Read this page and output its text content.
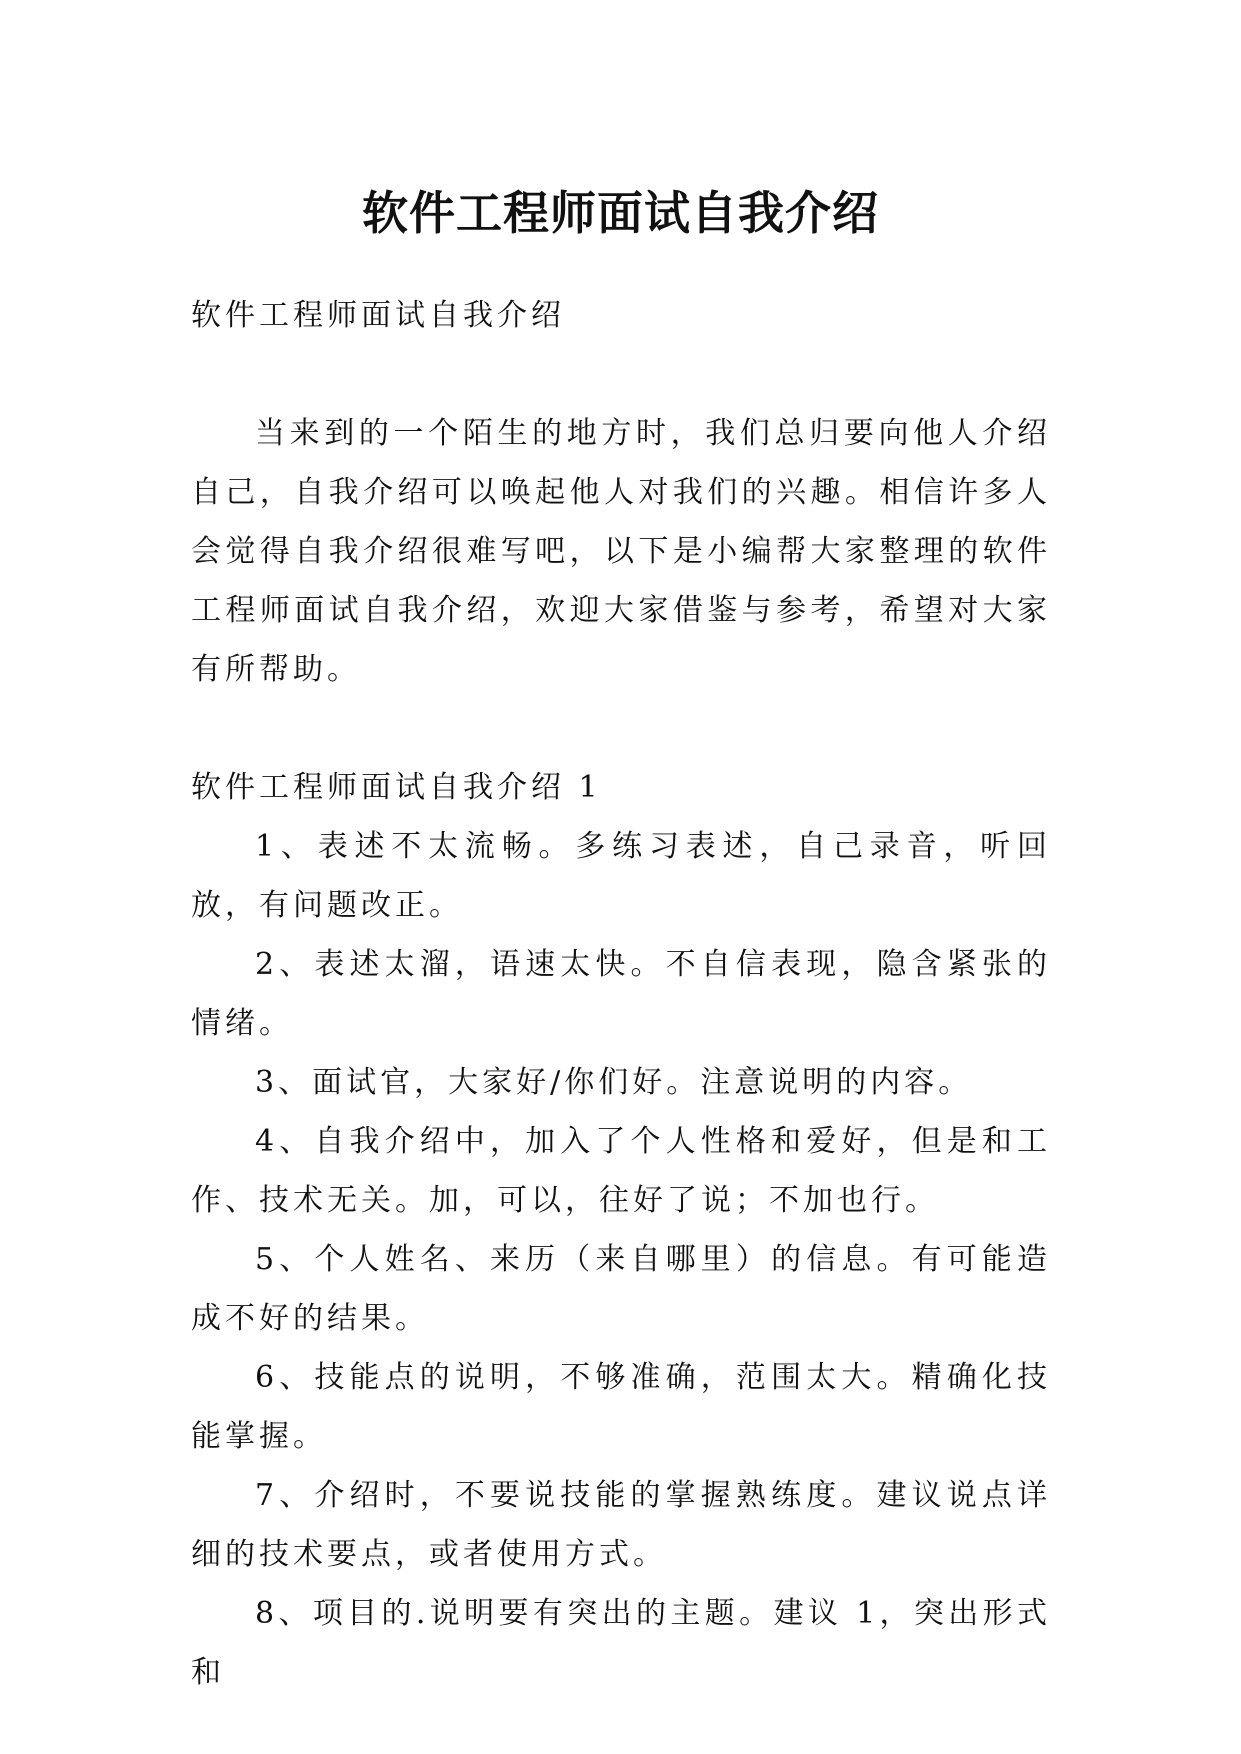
软件工程师面试自我介绍

软件工程师面试自我介绍

当来到的一个陌生的地方时，我们总归要向他人介绍自己，自我介绍可以唤起他人对我们的兴趣。相信许多人会觉得自我介绍很难写吧，以下是小编帮大家整理的软件工程师面试自我介绍，欢迎大家借鉴与参考，希望对大家有所帮助。

软件工程师面试自我介绍 1

1、表述不太流畅。多练习表述，自己录音，听回放，有问题改正。

2、表述太溜，语速太快。不自信表现，隐含紧张的情绪。

3、面试官，大家好/你们好。注意说明的内容。

4、自我介绍中，加入了个人性格和爱好，但是和工作、技术无关。加，可以，往好了说；不加也行。

5、个人姓名、来历（来自哪里）的信息。有可能造成不好的结果。

6、技能点的说明，不够准确，范围太大。精确化技能掌握。

7、介绍时，不要说技能的掌握熟练度。建议说点详细的技术要点，或者使用方式。

8、项目的.说明要有突出的主题。建议 1，突出形式和
